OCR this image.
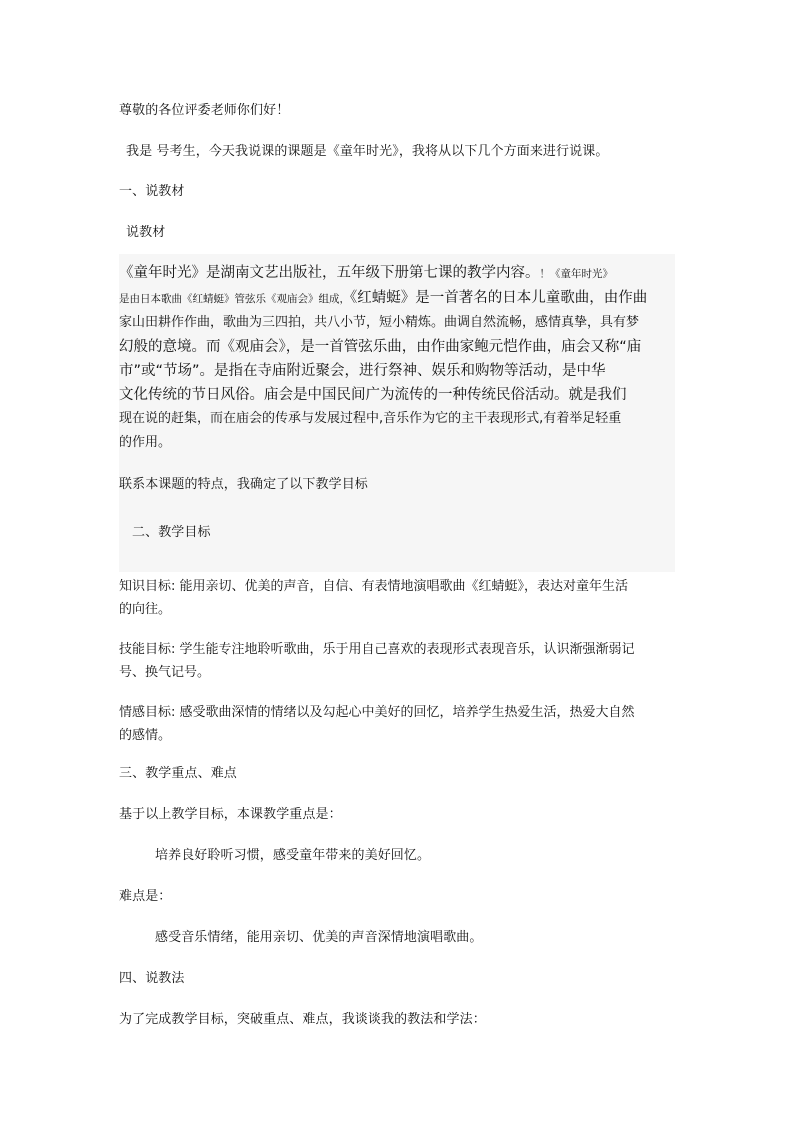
尊敬的各位评委老师你们好！
我是 号考生，今天我说课的课题是《童年时光》，我将从以下几个方面来进行说课。
一、说教材
说教材
《童年时光》是湖南文艺出版社，五年级下册第七课的教学内容。！《童年时光》
是由日本歌曲《红蜻蜓》管弦乐《观庙会》组成，《红蜻蜓》是一首著名的日本儿童歌曲，由作曲
家山田耕作作曲，歌曲为三四拍，共八小节，短小精炼。曲调自然流畅，感情真挚，具有梦
幻般的意境。而《观庙会》，是一首管弦乐曲，由作曲家鲍元恺作曲，庙会又称“庙
市”或“节场”。是指在寺庙附近聚会，进行祭神、娱乐和购物等活动，是中华
文化传统的节日风俗。庙会是中国民间广为流传的一种传统民俗活动。就是我们
现在说的赶集，而在庙会的传承与发展过程中,音乐作为它的主干表现形式,有着举足轻重
的作用。
联系本课题的特点，我确定了以下教学目标
二、教学目标
知识目标: 能用亲切、优美的声音，自信、有表情地演唱歌曲《红蜻蜓》，表达对童年生活
的向往。
技能目标: 学生能专注地聆听歌曲，乐于用自己喜欢的表现形式表现音乐，认识渐强渐弱记
号、换气记号。
情感目标: 感受歌曲深情的情绪以及勾起心中美好的回忆，培养学生热爱生活，热爱大自然
的感情。
三、教学重点、难点
基于以上教学目标，本课教学重点是：
培养良好聆听习惯，感受童年带来的美好回忆。
难点是：
感受音乐情绪，能用亲切、优美的声音深情地演唱歌曲。
四、说教法
为了完成教学目标，突破重点、难点，我谈谈我的教法和学法：
